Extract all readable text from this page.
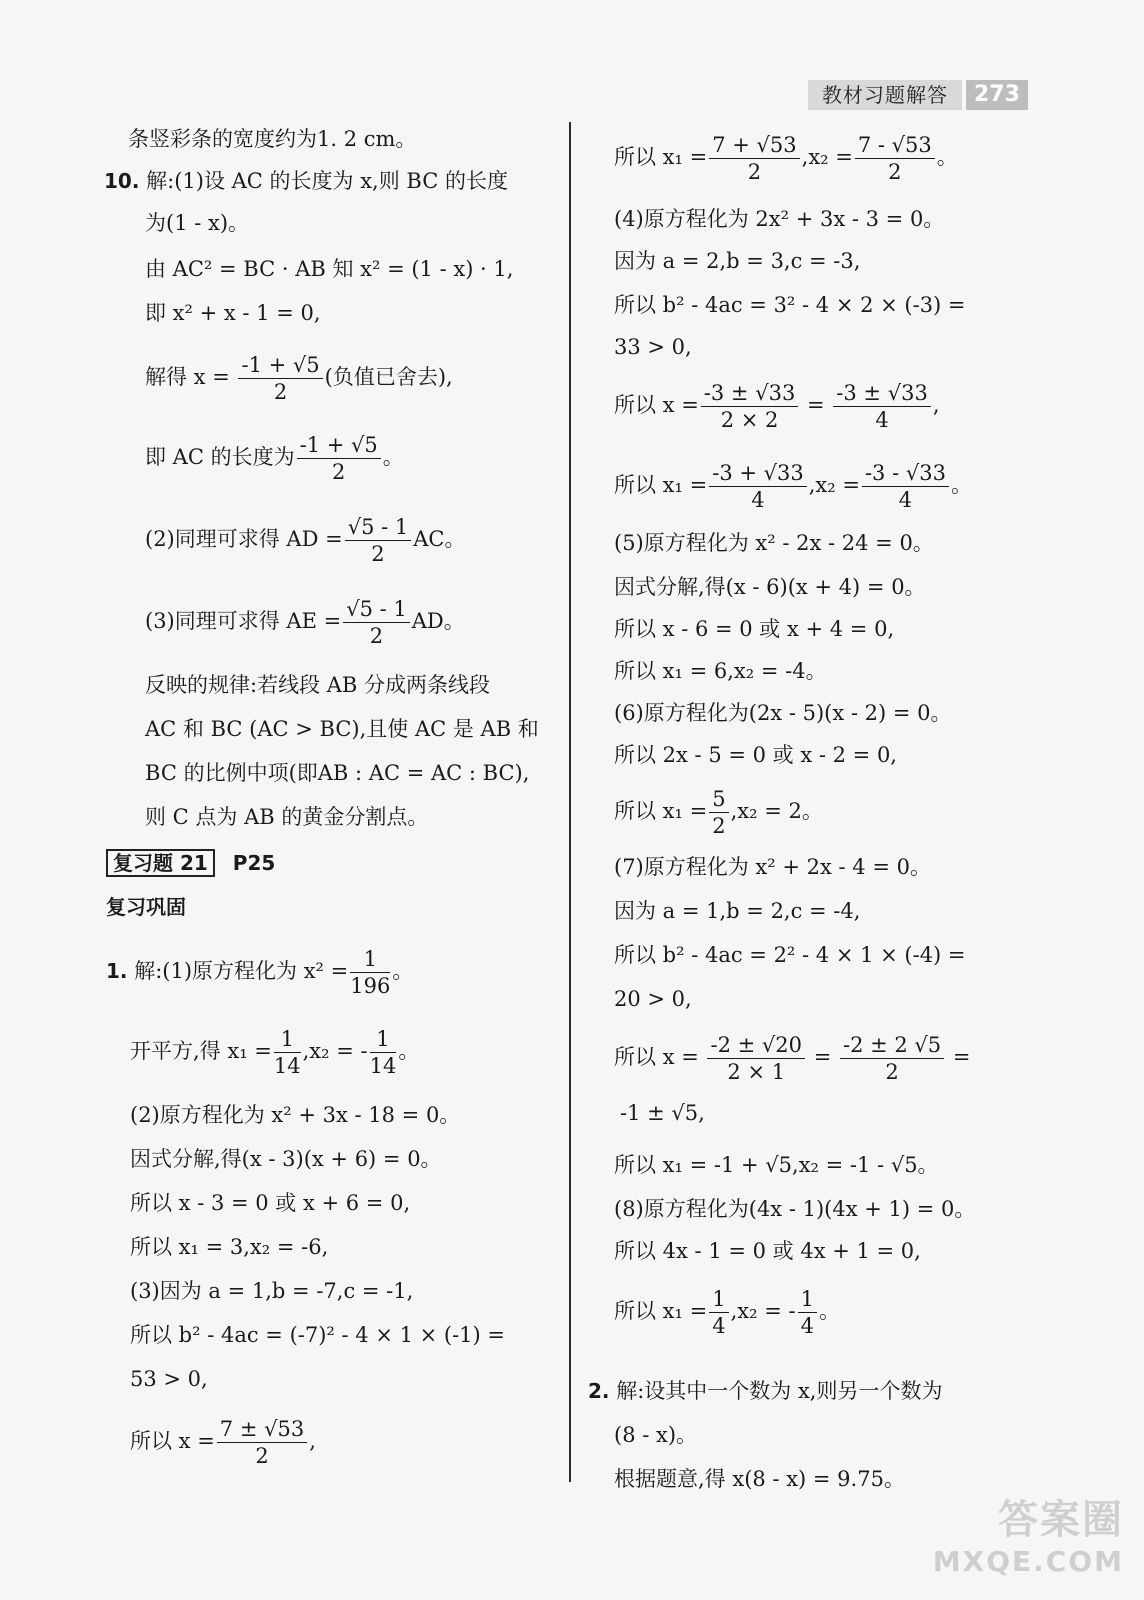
教材习题解答	273
条竖彩条的宽度约为1. 2 cm。
10. 解:(1)设 AC 的长度为 x,则 BC 的长度
为(1 - x)。
由 AC² = BC · AB 知 x² = (1 - x) · 1,
即 x² + x - 1 = 0,
解得 $x = \frac{-1 + √5}{2}$ (负值已舍去),
即 AC 的长度为 $\frac{-1 + √5}{2}$ 。
(2)同理可求得 AD = $\frac{√5 - 1}{2}$ AC。
(3)同理可求得 AE = $\frac{√5 - 1}{2}$ AD。
反映的规律:若线段 AB 分成两条线段
AC 和 BC (AC > BC),且使 AC 是 AB 和
BC 的比例中项(即AB : AC = AC : BC),
则 C 点为 AB 的黄金分割点。
复习题 21 P25
复习巩固
1. 解:(1)原方程化为 $x^2 = \frac{1}{196}$ 。
开平方,得 $x_1 = \frac{1}{14} ,x_2$ = - $\frac{1}{14}$ 。
(2)原方程化为 x² + 3x - 18 = 0。
因式分解,得(x - 3)(x + 6) = 0。
所以 x - 3 = 0 或 x + 6 = 0,
所以 x₁ = 3,x₂ = -6,
(3)因为 a = 1,b = -7,c = -1,
所以 b² - 4ac = (-7)² - 4 × 1 × (-1) =
53 > 0,
所以 $x = \frac{7 \pm √53}{2}$ ,
所以 $x_1 = \frac{7 + √53}{2} ,x_2 = \frac{7 - √53}{2}$ 。
(4)原方程化为 2x² + 3x - 3 = 0。
因为 a = 2,b = 3,c = -3,
所以 b² - 4ac = 3² - 4 × 2 × (-3) =
33 > 0,
所以 $x = \frac{-3 \pm √33}{2 \times 2} = \frac{-3 \pm √33}{4}$ ,
所以 $x_1 = \frac{-3 + √33}{4} ,x_2 = \frac{-3 - √33}{4}$ 。
(5)原方程化为 x² - 2x - 24 = 0。
因式分解,得(x - 6)(x + 4) = 0。
所以 x - 6 = 0 或 x + 4 = 0,
所以 x₁ = 6,x₂ = -4。
(6)原方程化为(2x - 5)(x - 2) = 0。
所以 2x - 5 = 0 或 x - 2 = 0,
所以 $x_1 = \frac{5}{2} ,x_2 = 2$。
(7)原方程化为 x² + 2x - 4 = 0。
因为 a = 1,b = 2,c = -4,
所以 b² - 4ac = 2² - 4 × 1 × (-4) =
20 > 0,
所以 $x = \frac{-2 \pm √20}{2 \times 1} = \frac{-2 \pm 2 √5}{2}$ =
-1 ± √5,
所以 x₁ = -1 + √5,x₂ = -1 - √5。
(8)原方程化为(4x - 1)(4x + 1) = 0。
所以 4x - 1 = 0 或 4x + 1 = 0,
所以 $x_1 = \frac{1}{4} ,x_2$ = - $\frac{1}{4}$ 。
2. 解:设其中一个数为 x,则另一个数为
(8 - x)。
根据题意,得 x(8 - x) = 9.75。
答案圈
MXQE.COM
